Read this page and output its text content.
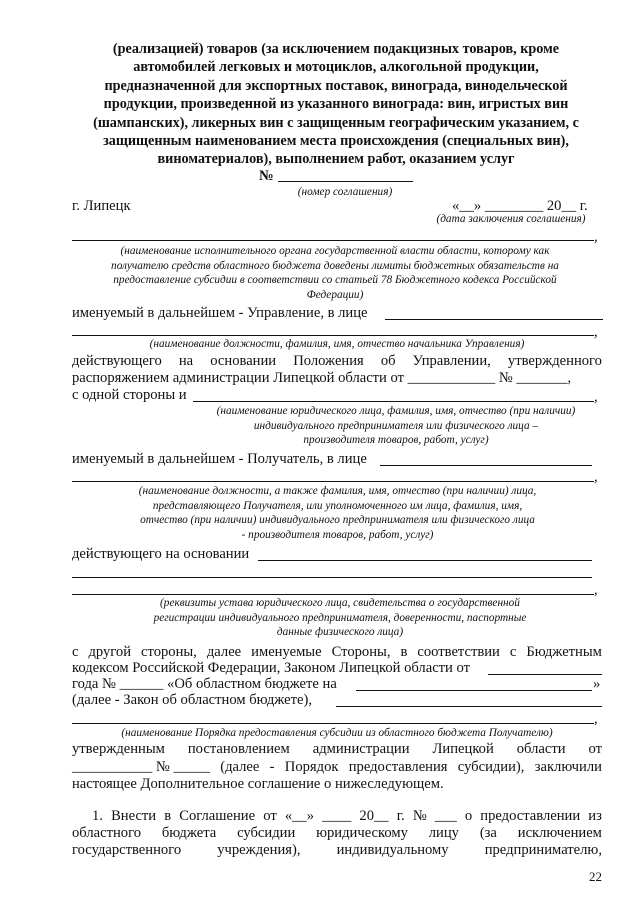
(реализацией) товаров (за исключением подакцизных товаров, кроме
автомобилей легковых и мотоциклов, алкогольной продукции,
предназначенной для экспортных поставок, винограда, винодельческой
продукции, произведенной из указанного винограда: вин, игристых вин
(шампанских), ликерных вин с защищенным географическим указанием, с
защищенным наименованием места происхождения (специальных вин),
виноматериалов), выполнением работ, оказанием услуг
№
(номер соглашения)
г. Липецк	«__» ________ 20__ г.
(дата заключения соглашения)
,
(наименование исполнительного органа государственной власти области, которому как
получателю средств областного бюджета доведены лимиты бюджетных обязательств на
предоставление субсидии в соответствии со статьей 78 Бюджетного кодекса Российской
Федерации)
именуемый в дальнейшем - Управление, в лице
,
(наименование должности, фамилия, имя, отчество начальника Управления)
действующего на основании Положения об Управлении, утвержденного
распоряжением администрации Липецкой области от ____________ № _______,
с одной стороны и	,
(наименование юридического лица, фамилия, имя, отчество (при наличии)
индивидуального предпринимателя или физического лица –
производителя товаров, работ, услуг)
именуемый в дальнейшем - Получатель, в лице
,
(наименование должности, а также фамилия, имя, отчество (при наличии) лица,
представляющего Получателя, или уполномоченного им лица, фамилия, имя,
отчество (при наличии) индивидуального предпринимателя или физического лица
- производителя товаров, работ, услуг)
действующего на основании
,
(реквизиты устава юридического лица, свидетельства о государственной
регистрации индивидуального предпринимателя, доверенности, паспортные
данные физического лица)
с другой стороны, далее именуемые Стороны, в соответствии с Бюджетным
кодексом Российской Федерации, Законом Липецкой области от
года № ______ «Об областном бюджете на	»
(далее - Закон об областном бюджете),
,
(наименование Порядка предоставления субсидии из областного бюджета Получателю)
утвержденным постановлением администрации Липецкой области от
___________ № _____ (далее - Порядок предоставления субсидии), заключили
настоящее Дополнительное соглашение о нижеследующем.
1. Внести в Соглашение от «__» ____ 20__ г. № ___ о предоставлении из
областного бюджета субсидии юридическому лицу (за исключением
государственного учреждения), индивидуальному предпринимателю,
22
